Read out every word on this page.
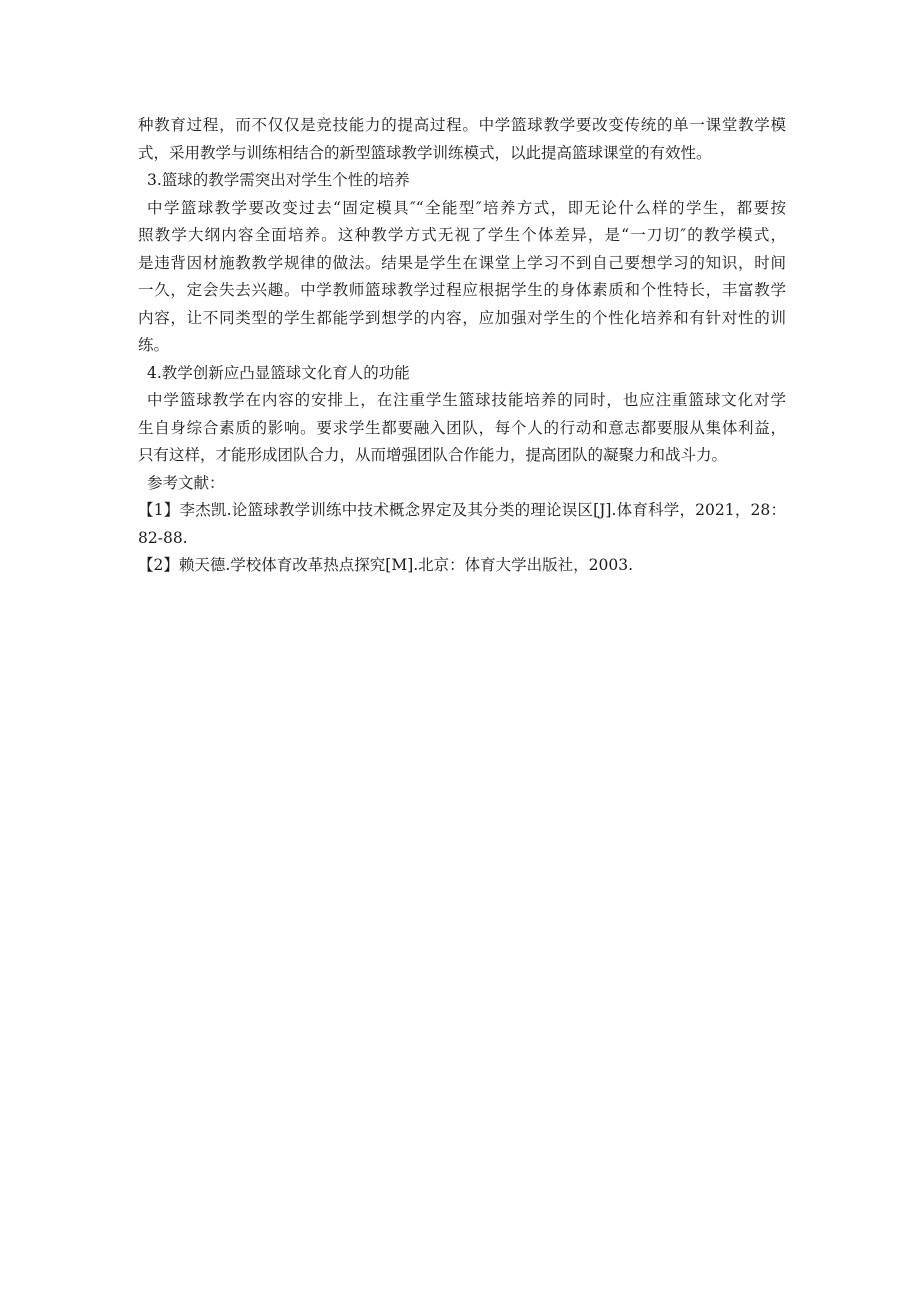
种教育过程，而不仅仅是竞技能力的提高过程。中学篮球教学要改变传统的单一课堂教学模
式，采用教学与训练相结合的新型篮球教学训练模式，以此提高篮球课堂的有效性。
3.篮球的教学需突出对学生个性的培养
中学篮球教学要改变过去“固定模具″“全能型″培养方式，即无论什么样的学生，都要按
照教学大纲内容全面培养。这种教学方式无视了学生个体差异，是“一刀切″的教学模式，
是违背因材施教教学规律的做法。结果是学生在课堂上学习不到自己要想学习的知识，时间
一久，定会失去兴趣。中学教师篮球教学过程应根据学生的身体素质和个性特长，丰富教学
内容，让不同类型的学生都能学到想学的内容，应加强对学生的个性化培养和有针对性的训
练。
4.教学创新应凸显篮球文化育人的功能
中学篮球教学在内容的安排上，在注重学生篮球技能培养的同时，也应注重篮球文化对学
生自身综合素质的影响。要求学生都要融入团队，每个人的行动和意志都要服从集体利益，
只有这样，才能形成团队合力，从而增强团队合作能力，提高团队的凝聚力和战斗力。
参考文献：
【1】李杰凯.论篮球教学训练中技术概念界定及其分类的理论误区[J].体育科学，2021，28：
82-88.
【2】赖天德.学校体育改革热点探究[M].北京：体育大学出版社，2003.
